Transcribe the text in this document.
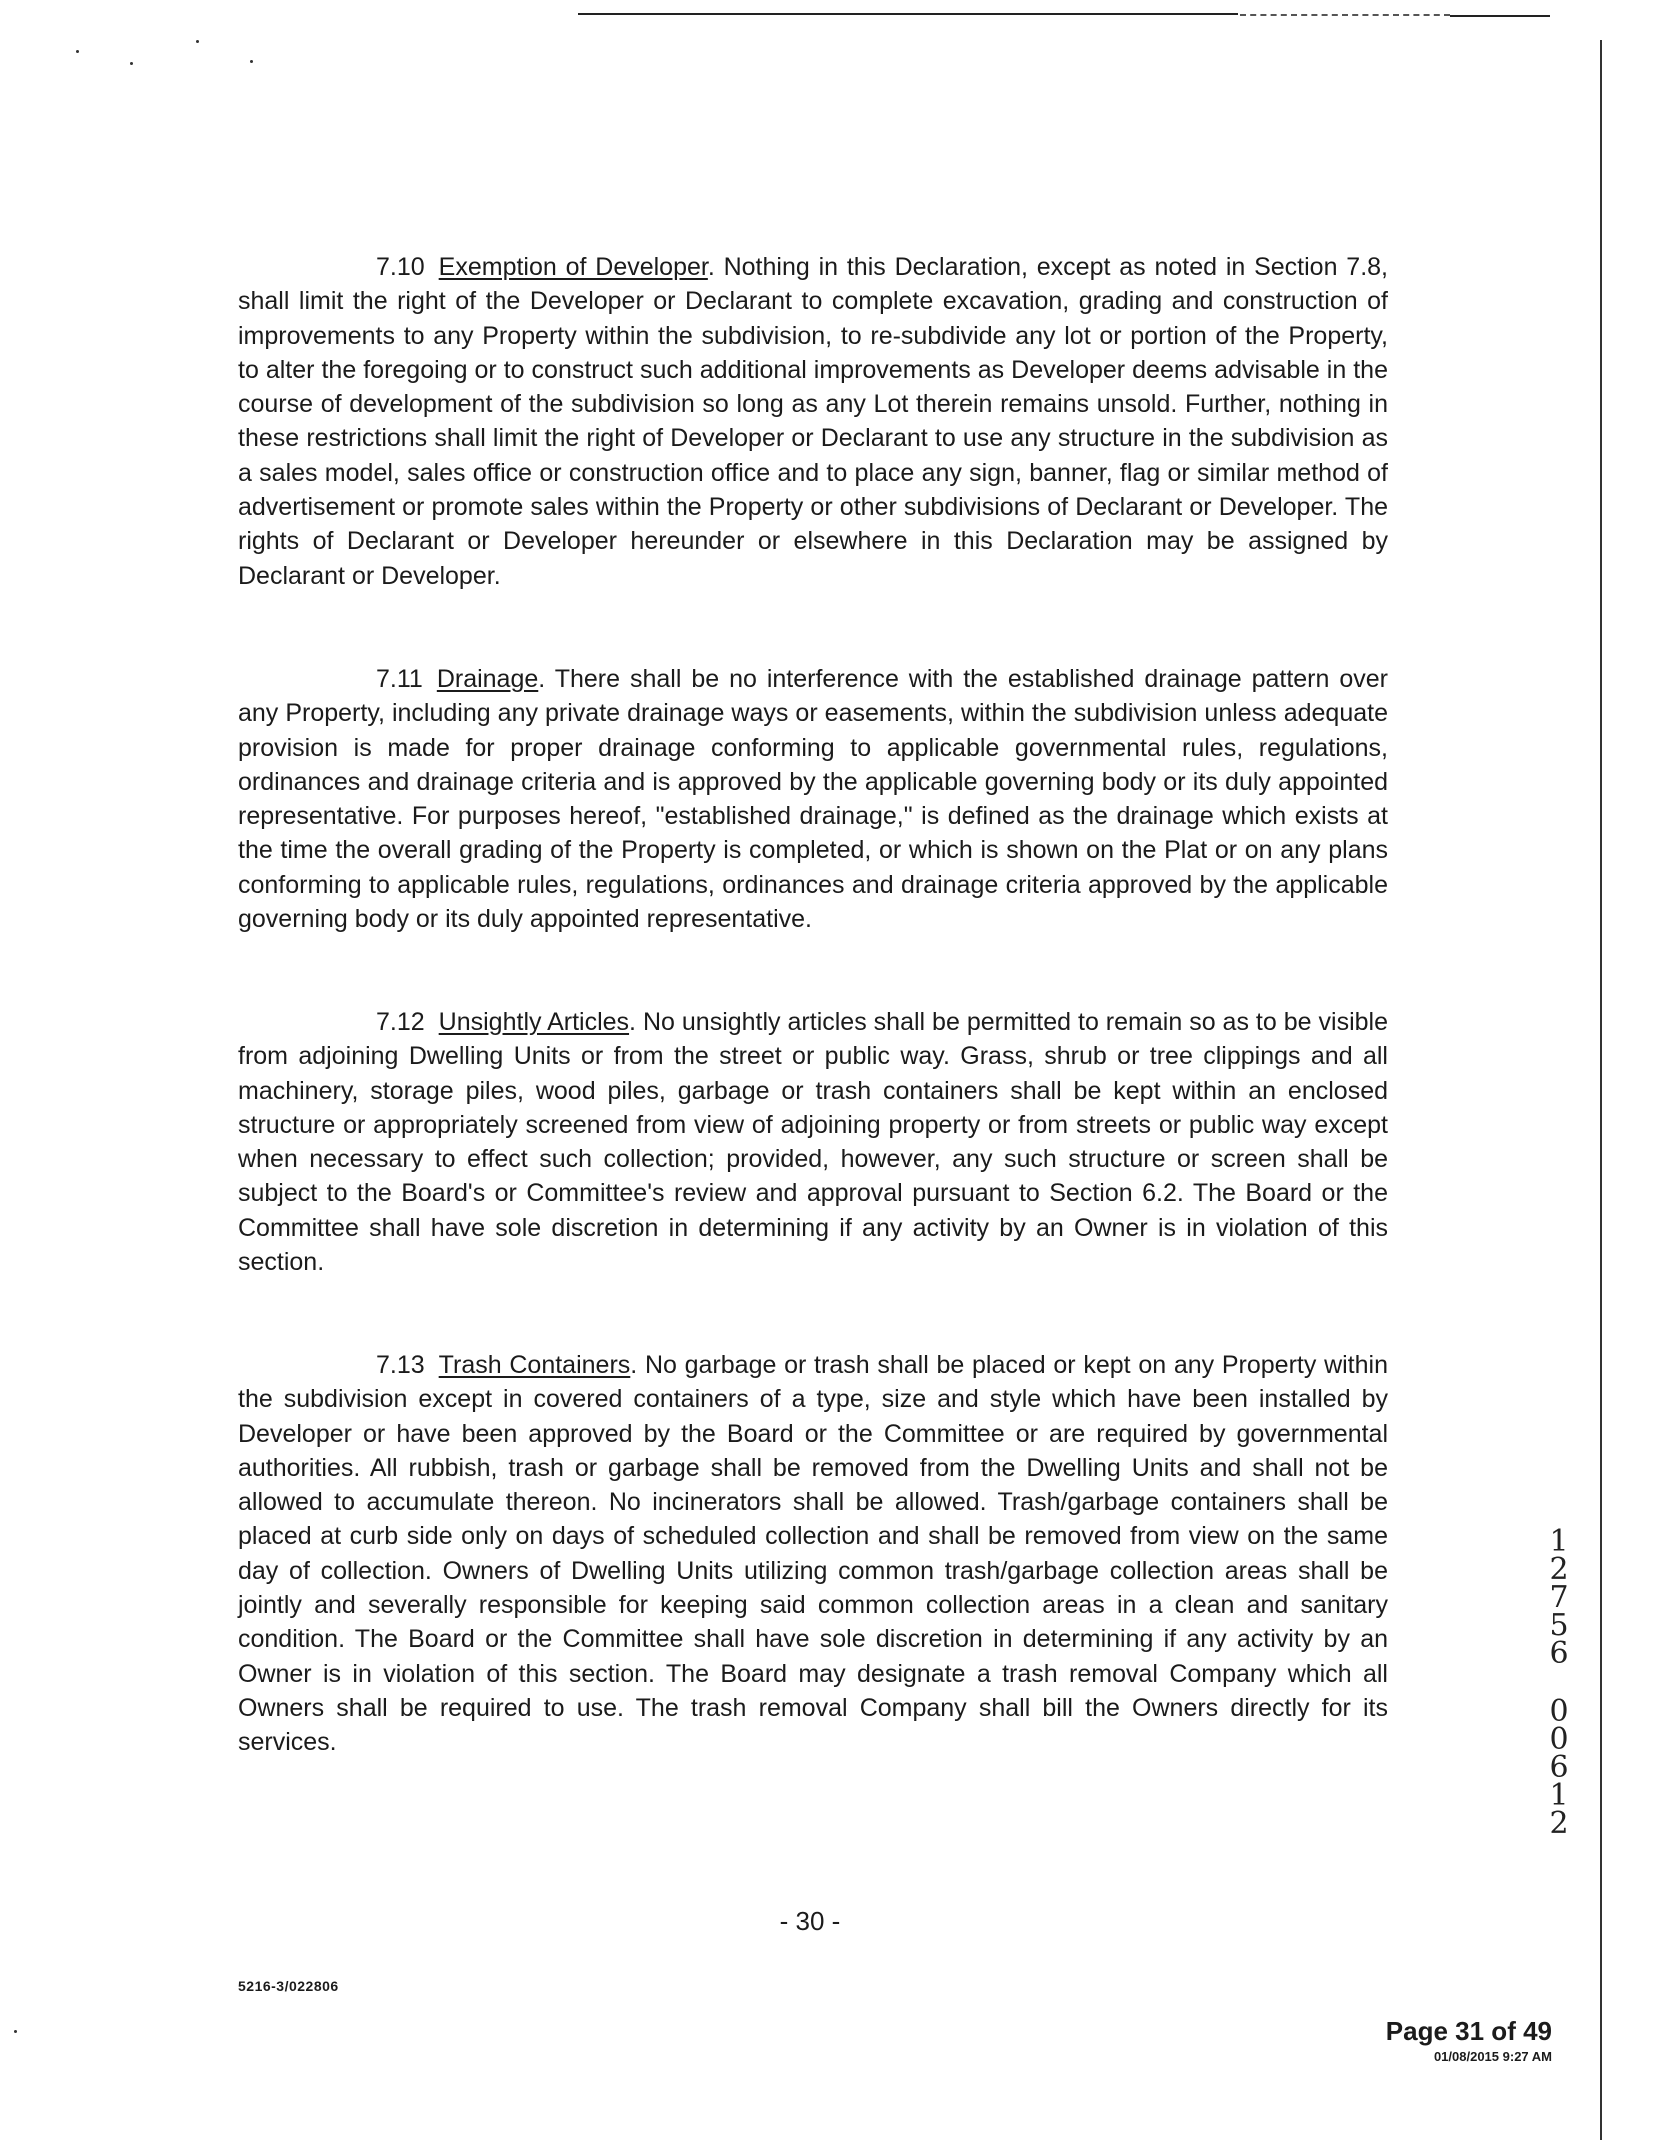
7.10 Exemption of Developer. Nothing in this Declaration, except as noted in Section 7.8, shall limit the right of the Developer or Declarant to complete excavation, grading and construction of improvements to any Property within the subdivision, to re-subdivide any lot or portion of the Property, to alter the foregoing or to construct such additional improvements as Developer deems advisable in the course of development of the subdivision so long as any Lot therein remains unsold. Further, nothing in these restrictions shall limit the right of Developer or Declarant to use any structure in the subdivision as a sales model, sales office or construction office and to place any sign, banner, flag or similar method of advertisement or promote sales within the Property or other subdivisions of Declarant or Developer. The rights of Declarant or Developer hereunder or elsewhere in this Declaration may be assigned by Declarant or Developer.

7.11 Drainage. There shall be no interference with the established drainage pattern over any Property, including any private drainage ways or easements, within the subdivision unless adequate provision is made for proper drainage conforming to applicable governmental rules, regulations, ordinances and drainage criteria and is approved by the applicable governing body or its duly appointed representative. For purposes hereof, "established drainage," is defined as the drainage which exists at the time the overall grading of the Property is completed, or which is shown on the Plat or on any plans conforming to applicable rules, regulations, ordinances and drainage criteria approved by the applicable governing body or its duly appointed representative.

7.12 Unsightly Articles. No unsightly articles shall be permitted to remain so as to be visible from adjoining Dwelling Units or from the street or public way. Grass, shrub or tree clippings and all machinery, storage piles, wood piles, garbage or trash containers shall be kept within an enclosed structure or appropriately screened from view of adjoining property or from streets or public way except when necessary to effect such collection; provided, however, any such structure or screen shall be subject to the Board's or Committee's review and approval pursuant to Section 6.2. The Board or the Committee shall have sole discretion in determining if any activity by an Owner is in violation of this section.

7.13 Trash Containers. No garbage or trash shall be placed or kept on any Property within the subdivision except in covered containers of a type, size and style which have been installed by Developer or have been approved by the Board or the Committee or are required by governmental authorities. All rubbish, trash or garbage shall be removed from the Dwelling Units and shall not be allowed to accumulate thereon. No incinerators shall be allowed. Trash/garbage containers shall be placed at curb side only on days of scheduled collection and shall be removed from view on the same day of collection. Owners of Dwelling Units utilizing common trash/garbage collection areas shall be jointly and severally responsible for keeping said common collection areas in a clean and sanitary condition. The Board or the Committee shall have sole discretion in determining if any activity by an Owner is in violation of this section. The Board may designate a trash removal Company which all Owners shall be required to use. The trash removal Company shall bill the Owners directly for its services.

1
2
7
5
6
0
0
6
1
2
- 30 -
5216-3/022806
Page 31 of 49
01/08/2015 9:27 AM
